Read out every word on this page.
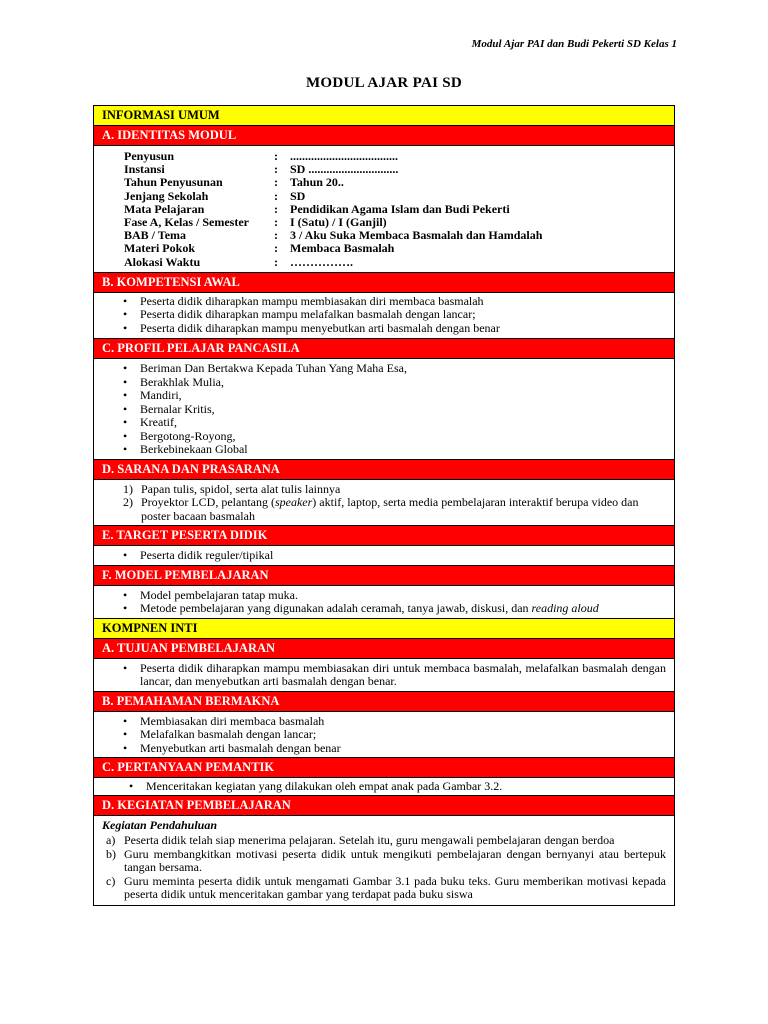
Modul Ajar PAI dan Budi Pekerti SD Kelas 1
MODUL AJAR PAI SD
INFORMASI UMUM
A. IDENTITAS MODUL
Penyusun	:	....................................
Instansi	:	SD ..............................
Tahun Penyusunan	:	Tahun 20..
Jenjang Sekolah	:	SD
Mata Pelajaran	:	Pendidikan Agama Islam dan Budi Pekerti
Fase A, Kelas / Semester	:	I (Satu) / I (Ganjil)
BAB / Tema	:	3 / Aku Suka Membaca Basmalah dan Hamdalah
Materi Pokok	:	Membaca Basmalah
Alokasi Waktu	:	…………….
B. KOMPETENSI AWAL
• Peserta didik diharapkan mampu membiasakan diri membaca basmalah
• Peserta didik diharapkan mampu melafalkan basmalah dengan lancar;
• Peserta didik diharapkan mampu menyebutkan arti basmalah dengan benar
C. PROFIL PELAJAR PANCASILA
• Beriman Dan Bertakwa Kepada Tuhan Yang Maha Esa,
• Berakhlak Mulia,
• Mandiri,
• Bernalar Kritis,
• Kreatif,
• Bergotong-Royong,
• Berkebinekaan Global
D. SARANA DAN PRASARANA
1) Papan tulis, spidol, serta alat tulis lainnya
2) Proyektor LCD, pelantang (speaker) aktif, laptop, serta media pembelajaran interaktif berupa video dan poster bacaan basmalah
E. TARGET PESERTA DIDIK
• Peserta didik reguler/tipikal
F. MODEL PEMBELAJARAN
• Model pembelajaran tatap muka.
• Metode pembelajaran yang digunakan adalah ceramah, tanya jawab, diskusi, dan reading aloud
KOMPNEN INTI
A. TUJUAN PEMBELAJARAN
• Peserta didik diharapkan mampu membiasakan diri untuk membaca basmalah, melafalkan basmalah dengan lancar, dan menyebutkan arti basmalah dengan benar.
B. PEMAHAMAN BERMAKNA
• Membiasakan diri membaca basmalah
• Melafalkan basmalah dengan lancar;
• Menyebutkan arti basmalah dengan benar
C. PERTANYAAN PEMANTIK
• Menceritakan kegiatan yang dilakukan oleh empat anak pada Gambar 3.2.
D. KEGIATAN PEMBELAJARAN
Kegiatan Pendahuluan
a) Peserta didik telah siap menerima pelajaran. Setelah itu, guru mengawali pembelajaran dengan berdoa
b) Guru membangkitkan motivasi peserta didik untuk mengikuti pembelajaran dengan bernyanyi atau bertepuk tangan bersama.
c) Guru meminta peserta didik untuk mengamati Gambar 3.1 pada buku teks. Guru memberikan motivasi kepada peserta didik untuk menceritakan gambar yang terdapat pada buku siswa
